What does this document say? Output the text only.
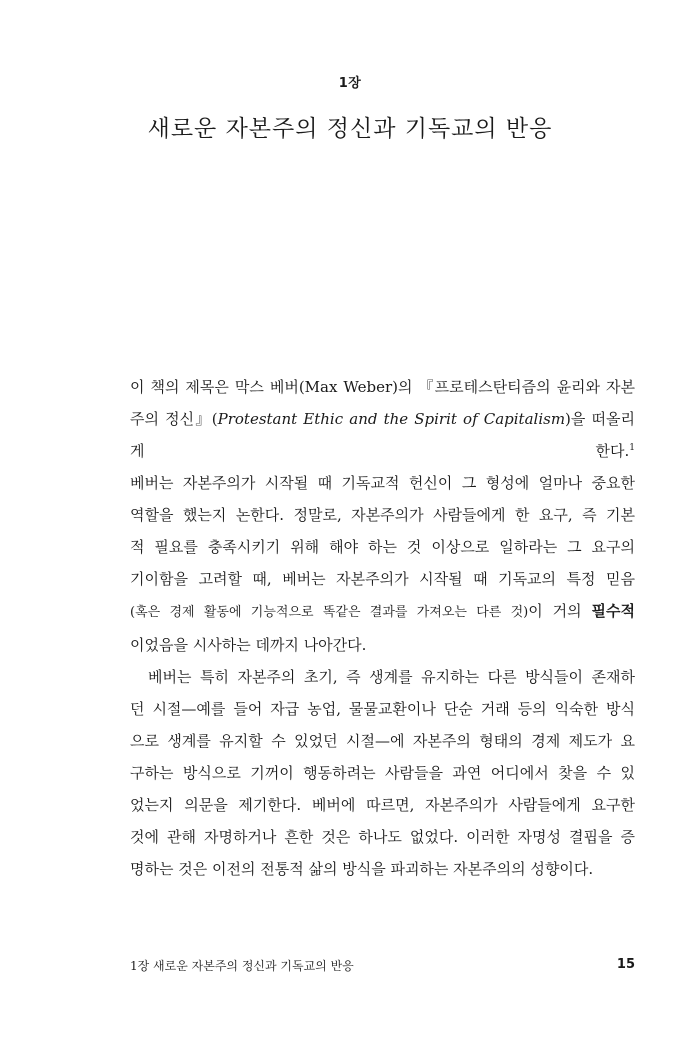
1장
새로운 자본주의 정신과 기독교의 반응

이 책의 제목은 막스 베버(Max Weber)의 『프로테스탄티즘의 윤리와 자본

주의 정신』(Protestant Ethic and the Spirit of Capitalism)을 떠올리게 한다.$^1$

베버는 자본주의가 시작될 때 기독교적 헌신이 그 형성에 얼마나 중요한

역할을 했는지 논한다. 정말로, 자본주의가 사람들에게 한 요구, 즉 기본

적 필요를 충족시키기 위해 해야 하는 것 이상으로 일하라는 그 요구의

기이함을 고려할 때, 베버는 자본주의가 시작될 때 기독교의 특정 믿음

(혹은 경제 활동에 기능적으로 똑같은 결과를 가져오는 다른 것)이 거의 필수적

이었음을 시사하는 데까지 나아간다.

베버는 특히 자본주의 초기, 즉 생계를 유지하는 다른 방식들이 존재하

던 시절—예를 들어 자급 농업, 물물교환이나 단순 거래 등의 익숙한 방식

으로 생계를 유지할 수 있었던 시절—에 자본주의 형태의 경제 제도가 요

구하는 방식으로 기꺼이 행동하려는 사람들을 과연 어디에서 찾을 수 있

었는지 의문을 제기한다. 베버에 따르면, 자본주의가 사람들에게 요구한

것에 관해 자명하거나 흔한 것은 하나도 없었다. 이러한 자명성 결핍을 증

명하는 것은 이전의 전통적 삶의 방식을 파괴하는 자본주의의 성향이다.

1장 새로운 자본주의 정신과 기독교의 반응	15
